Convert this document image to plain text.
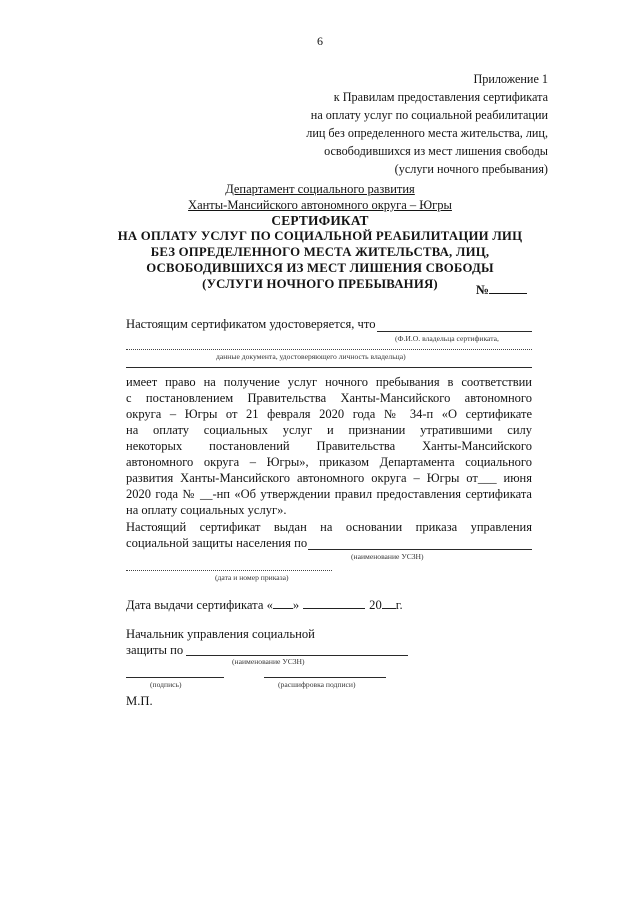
6
Приложение 1
к Правилам предоставления сертификата
на оплату услуг по социальной реабилитации
лиц без определенного места жительства, лиц,
освободившихся из мест лишения свободы
(услуги ночного пребывания)
Департамент социального развития
Ханты-Мансийского автономного округа – Югры
СЕРТИФИКАТ
НА ОПЛАТУ УСЛУГ ПО СОЦИАЛЬНОЙ РЕАБИЛИТАЦИИ ЛИЦ
БЕЗ ОПРЕДЕЛЕННОГО МЕСТА ЖИТЕЛЬСТВА, ЛИЦ,
ОСВОБОДИВШИХСЯ ИЗ МЕСТ ЛИШЕНИЯ СВОБОДЫ
(УСЛУГИ НОЧНОГО ПРЕБЫВАНИЯ)	№
Настоящим сертификатом удостоверяется, что
(Ф.И.О. владельца сертификата,
данные документа, удостоверяющего личность владельца)
имеет право на получение услуг ночного пребывания в соответствии
с постановлением Правительства Ханты-Мансийского автономного
округа – Югры от 21 февраля 2020 года № 34-п «О сертификате
на оплату социальных услуг и признании утратившими силу
некоторых постановлений Правительства Ханты-Мансийского
автономного округа – Югры», приказом Департамента социального
развития Ханты-Мансийского автономного округа – Югры от___ июня
2020 года № __-нп «Об утверждении правил предоставления сертификата
на оплату социальных услуг».
Настоящий сертификат выдан на основании приказа управления
социальной защиты населения по
(наименование УСЗН)
(дата и номер приказа)
Дата выдачи сертификата « »	20 г.
Начальник управления социальной
защиты по
(наименование УСЗН)
(подпись)	(расшифровка подписи)
М.П.
